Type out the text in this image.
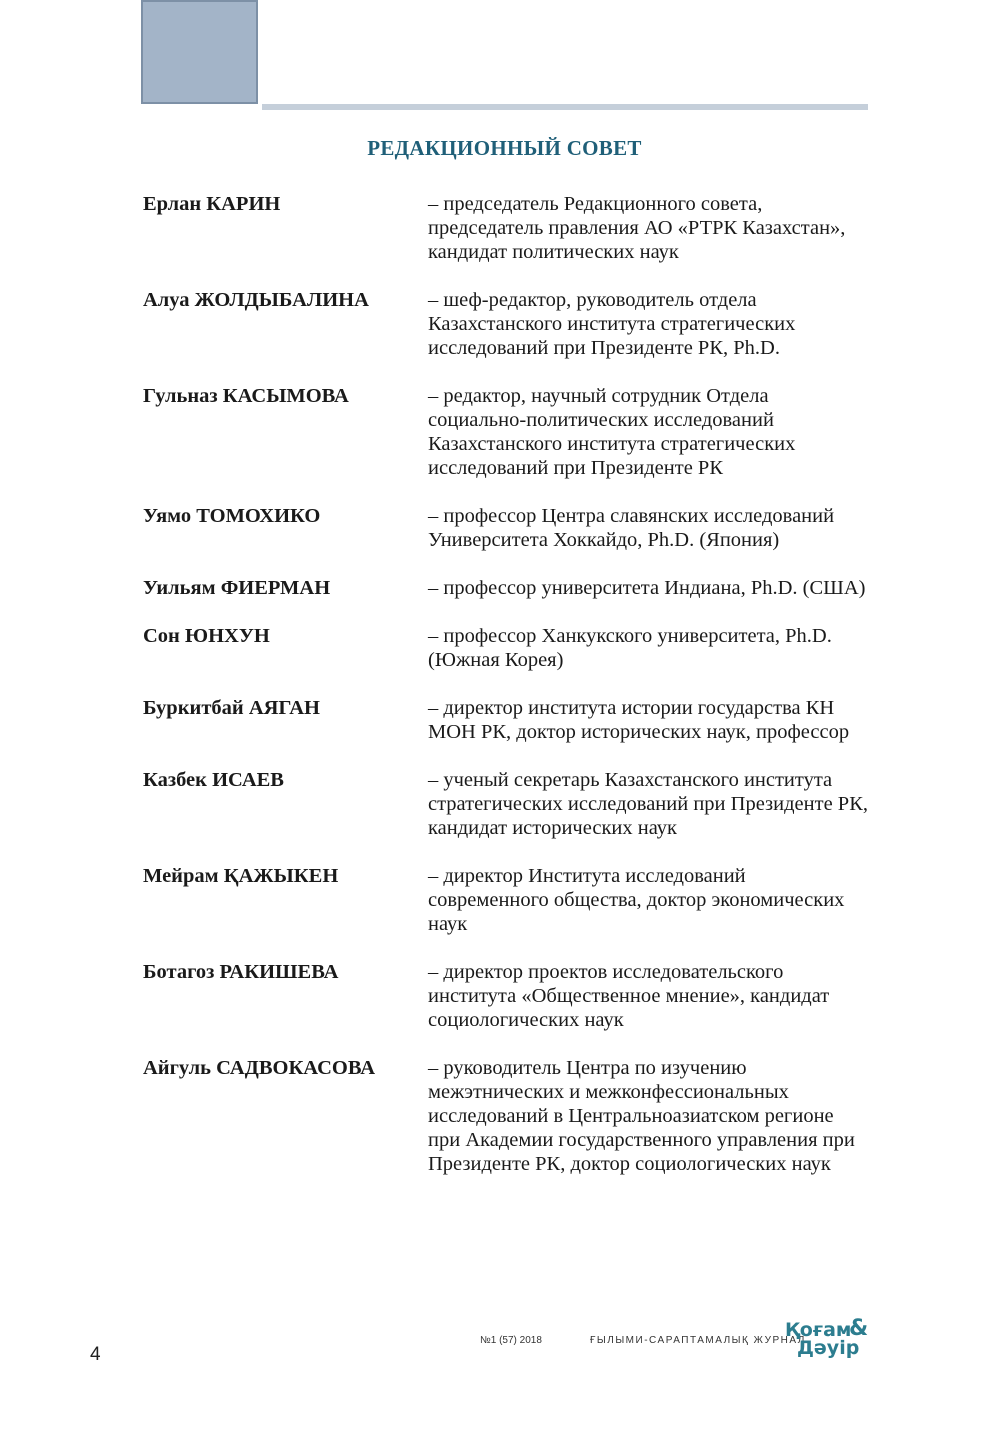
РЕДАКЦИОННЫЙ СОВЕТ
Ерлан КАРИН	– председатель Редакционного совета, председатель правления АО «РТРК Казахстан», кандидат политических наук
Алуа ЖОЛДЫБАЛИНА	– шеф-редактор, руководитель отдела Казахстанского института стратегических исследований при Президенте РК, Ph.D.
Гульназ КАСЫМОВА	– редактор, научный сотрудник Отдела социально-политических исследований Казахстанского института стратегических исследований при Президенте РК
Уямо ТОМОХИКО	– профессор Центра славянских исследований Университета Хоккайдо, Ph.D. (Япония)
Уильям ФИЕРМАН	– профессор университета Индиана, Ph.D. (США)
Сон ЮНХУН	– профессор Ханкукского университета, Ph.D. (Южная Корея)
Буркитбай АЯГАН	– директор института истории государства КН МОН РК, доктор исторических наук, профессор
Казбек ИСАЕВ	– ученый секретарь Казахстанского института стратегических исследований при Президенте РК, кандидат исторических наук
Мейрам ҚАЖЫКЕН	– директор Института исследований современного общества, доктор экономических наук
Ботагоз РАКИШЕВА	– директор проектов исследовательского института «Общественное мнение», кандидат социологических наук
Айгуль САДВОКАСОВА	– руководитель Центра по изучению межэтнических и межконфессиональных исследований в Центральноазиатском регионе при Академии государственного управления при Президенте РК, доктор социологических наук
4
№1 (57) 2018	ҒЫЛЫМИ-САРАПТАМАЛЫҚ ЖУРНАЛ
Қоғам
&
Дәуір
